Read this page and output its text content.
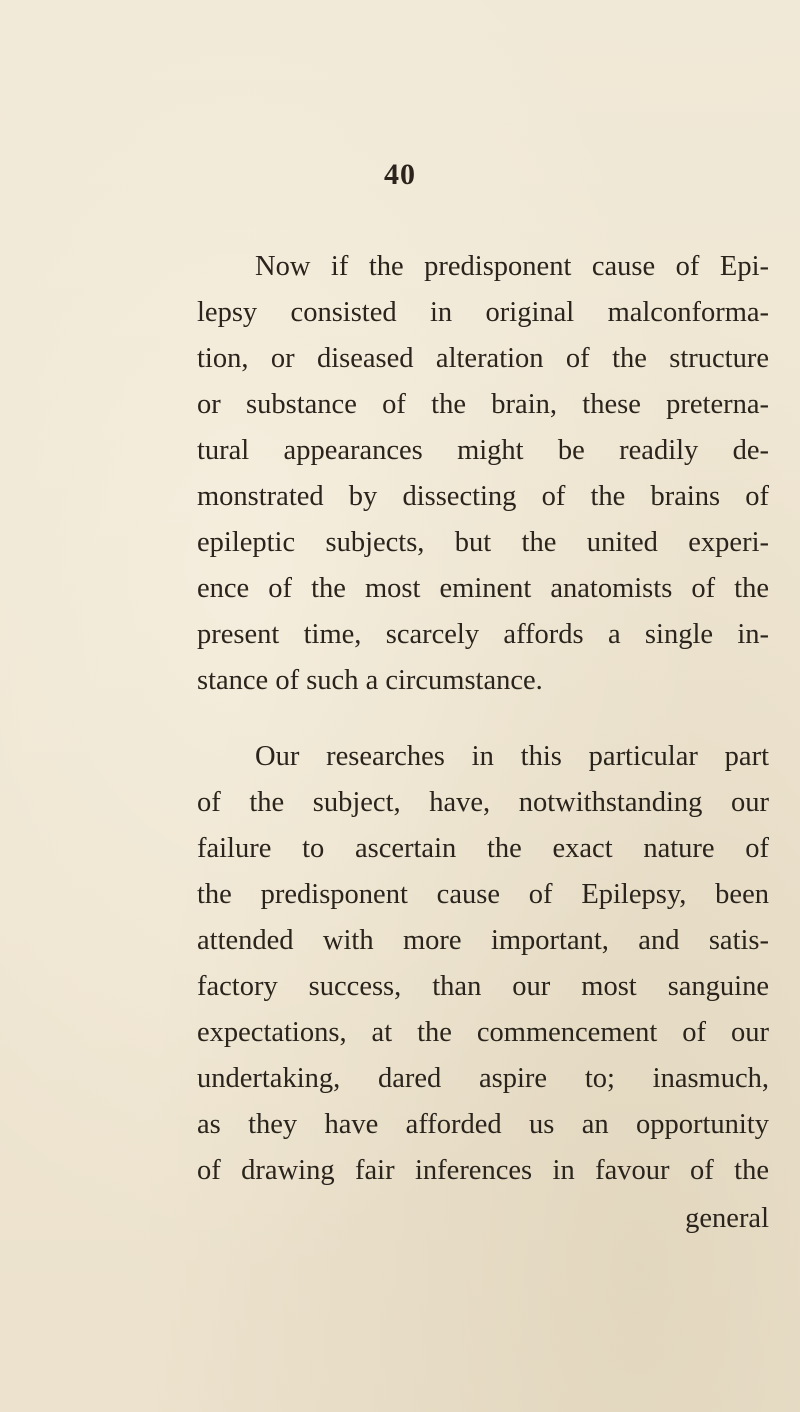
40
Now if the predisponent cause of Epi-
lepsy consisted in original malconforma-
tion, or diseased alteration of the structure
or substance of the brain, these preterna-
tural appearances might be readily de-
monstrated by dissecting of the brains of
epileptic subjects, but the united experi-
ence of the most eminent anatomists of the
present time, scarcely affords a single in-
stance of such a circumstance.
Our researches in this particular part
of the subject, have, notwithstanding our
failure to ascertain the exact nature of
the predisponent cause of Epilepsy, been
attended with more important, and satis-
factory success, than our most sanguine
expectations, at the commencement of our
undertaking, dared aspire to; inasmuch,
as they have afforded us an opportunity
of drawing fair inferences in favour of the
general
